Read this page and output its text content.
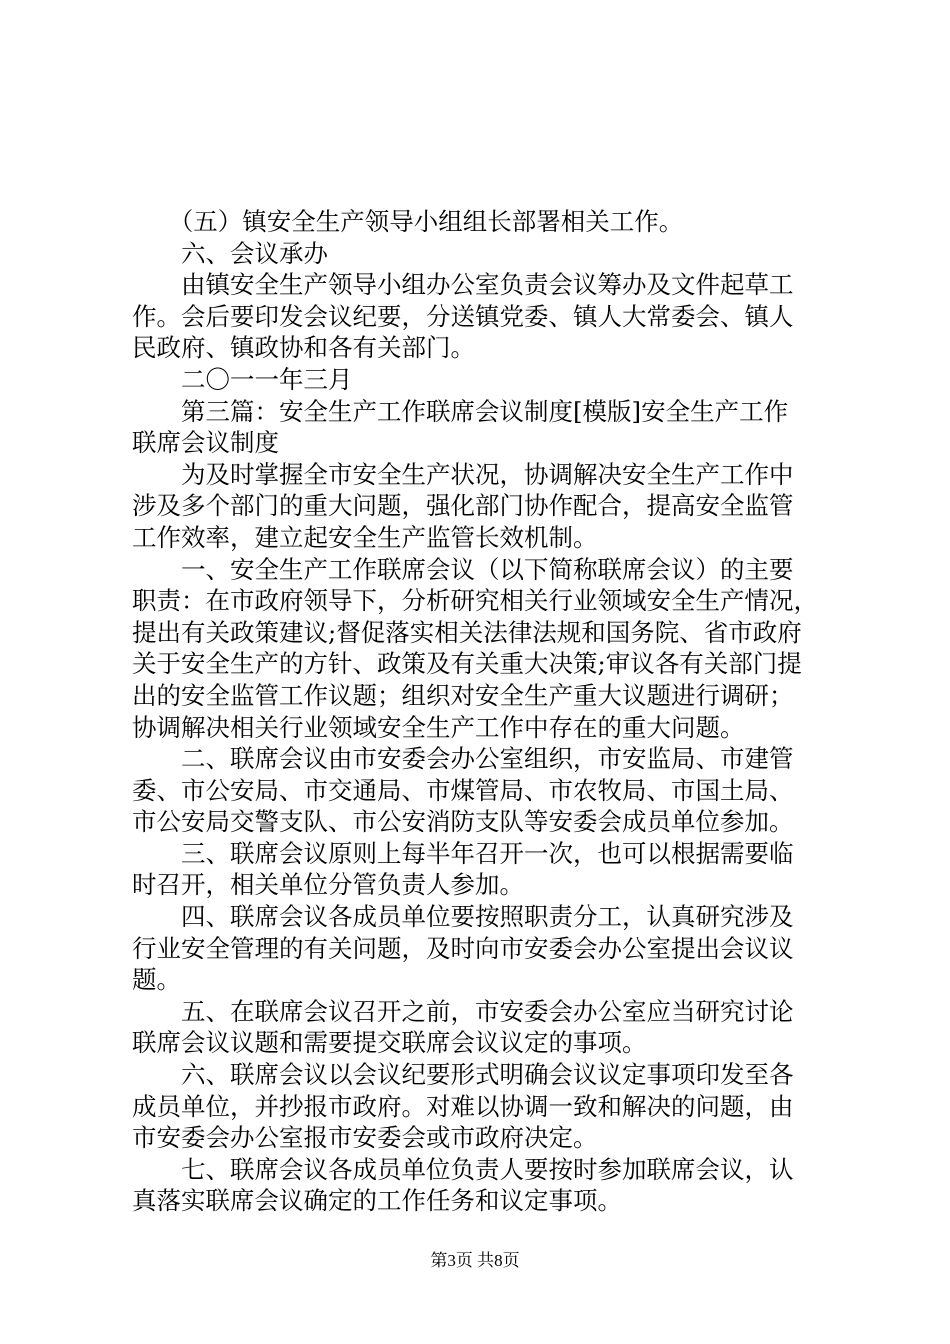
　　（五）镇安全生产领导小组组长部署相关工作。
　　六、会议承办
　　由镇安全生产领导小组办公室负责会议筹办及文件起草工
作。会后要印发会议纪要，分送镇党委、镇人大常委会、镇人
民政府、镇政协和各有关部门。
　　二〇一一年三月
　　第三篇：安全生产工作联席会议制度[模版]安全生产工作
联席会议制度
　　为及时掌握全市安全生产状况，协调解决安全生产工作中
涉及多个部门的重大问题，强化部门协作配合，提高安全监管
工作效率，建立起安全生产监管长效机制。
　　一、安全生产工作联席会议（以下简称联席会议）的主要
职责：在市政府领导下，分析研究相关行业领域安全生产情况，
提出有关政策建议;督促落实相关法律法规和国务院、省市政府
关于安全生产的方针、政策及有关重大决策;审议各有关部门提
出的安全监管工作议题；组织对安全生产重大议题进行调研；
协调解决相关行业领域安全生产工作中存在的重大问题。
　　二、联席会议由市安委会办公室组织，市安监局、市建管
委、市公安局、市交通局、市煤管局、市农牧局、市国土局、
市公安局交警支队、市公安消防支队等安委会成员单位参加。
　　三、联席会议原则上每半年召开一次，也可以根据需要临
时召开，相关单位分管负责人参加。
　　四、联席会议各成员单位要按照职责分工，认真研究涉及
行业安全管理的有关问题，及时向市安委会办公室提出会议议
题。
　　五、在联席会议召开之前，市安委会办公室应当研究讨论
联席会议议题和需要提交联席会议议定的事项。
　　六、联席会议以会议纪要形式明确会议议定事项印发至各
成员单位，并抄报市政府。对难以协调一致和解决的问题，由
市安委会办公室报市安委会或市政府决定。
　　七、联席会议各成员单位负责人要按时参加联席会议，认
真落实联席会议确定的工作任务和议定事项。
第3页 共8页
